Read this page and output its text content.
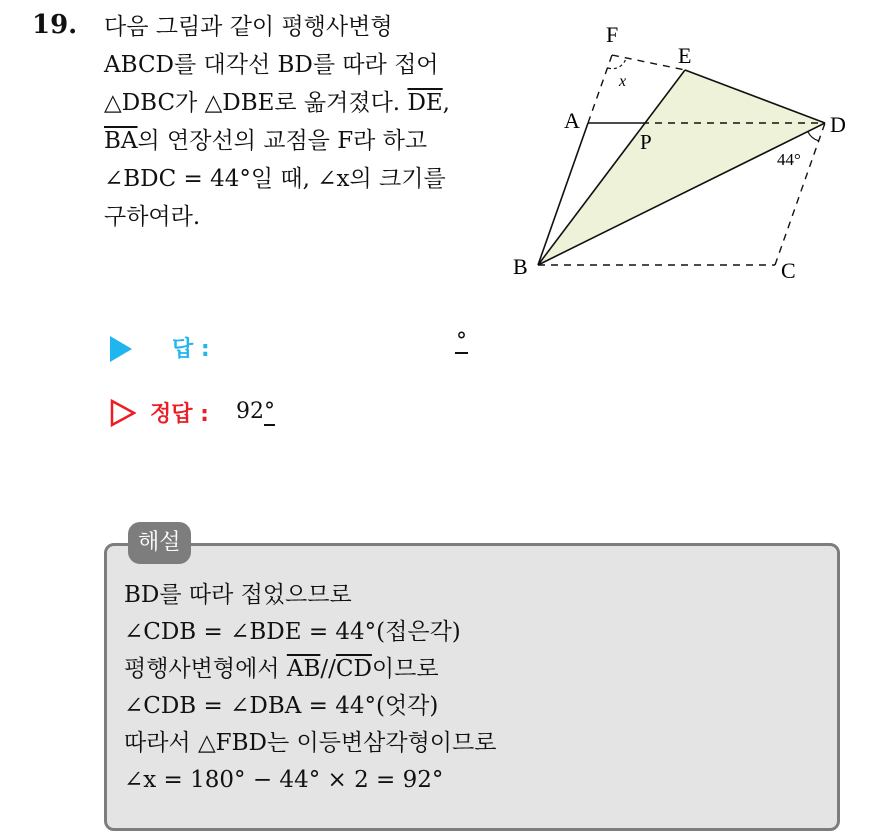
19. 다음 그림과 같이 평행사변형
ABCD를 대각선 BD를 따라 접어
△DBC가 △DBE로 옮겨졌다. $\overline{DE}$,
$\overline{BA}$의 연장선의 교점을 F라 하고
∠BDC = 44°일 때, ∠x의 크기를
구하여라.
F
E
A
P
D
B	C
x
44°
답 :	°
정답 : 92°
해설
BD를 따라 접었으므로
∠CDB = ∠BDE = 44°(접은각)
평행사변형에서 $\overline{AB}//\overline{CD}$이므로
∠CDB = ∠DBA = 44°(엇각)
따라서 △FBD는 이등변삼각형이므로
∠x = 180° − 44° × 2 = 92°
